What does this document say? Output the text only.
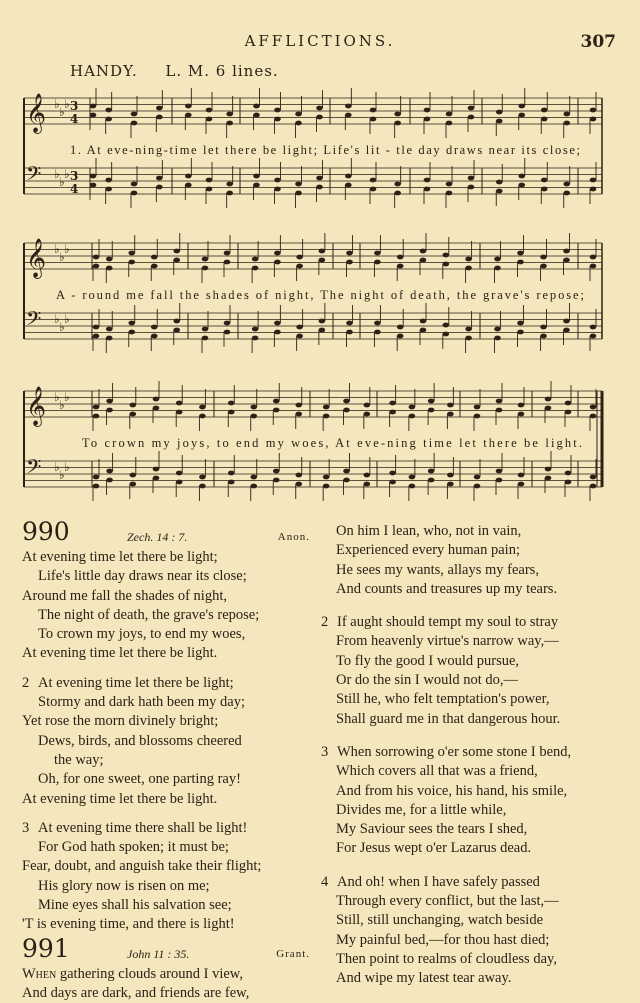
AFFLICTIONS.	307
HANDY. L. M. 6 lines.
𝄞 ♭
♭
♭ 3
4
𝄢 ♭
♭
♭ 3
4
𝄞 ♭
♭
♭
𝄢 ♭
♭
♭
𝄞 ♭
♭
♭
𝄢 ♭
♭
♭
1. At eve-ning-time let there be light; Life's lit - tle day draws near its close;
A - round me fall the shades of night, The night of death, the grave's repose;
To crown my joys, to end my woes, At eve-ning time let there be light.
990	Zech. 14 : 7.	Anon.
At evening time let there be light;
Life's little day draws near its close;
Around me fall the shades of night,
The night of death, the grave's repose;
To crown my joys, to end my woes,
At evening time let there be light.
2 At evening time let there be light;
Stormy and dark hath been my day;
Yet rose the morn divinely bright;
Dews, birds, and blossoms cheered
the way;
Oh, for one sweet, one parting ray!
At evening time let there be light.
3 At evening time there shall be light!
For God hath spoken; it must be;
Fear, doubt, and anguish take their flight;
His glory now is risen on me;
Mine eyes shall his salvation see;
'T is evening time, and there is light!
991	John 11 : 35.	Grant.
When gathering clouds around I view,
And days are dark, and friends are few,
On him I lean, who, not in vain,
Experienced every human pain;
He sees my wants, allays my fears,
And counts and treasures up my tears.
2 If aught should tempt my soul to stray
From heavenly virtue's narrow way,—
To fly the good I would pursue,
Or do the sin I would not do,—
Still he, who felt temptation's power,
Shall guard me in that dangerous hour.
3 When sorrowing o'er some stone I bend,
Which covers all that was a friend,
And from his voice, his hand, his smile,
Divides me, for a little while,
My Saviour sees the tears I shed,
For Jesus wept o'er Lazarus dead.
4 And oh! when I have safely passed
Through every conflict, but the last,—
Still, still unchanging, watch beside
My painful bed,—for thou hast died;
Then point to realms of cloudless day,
And wipe my latest tear away.
